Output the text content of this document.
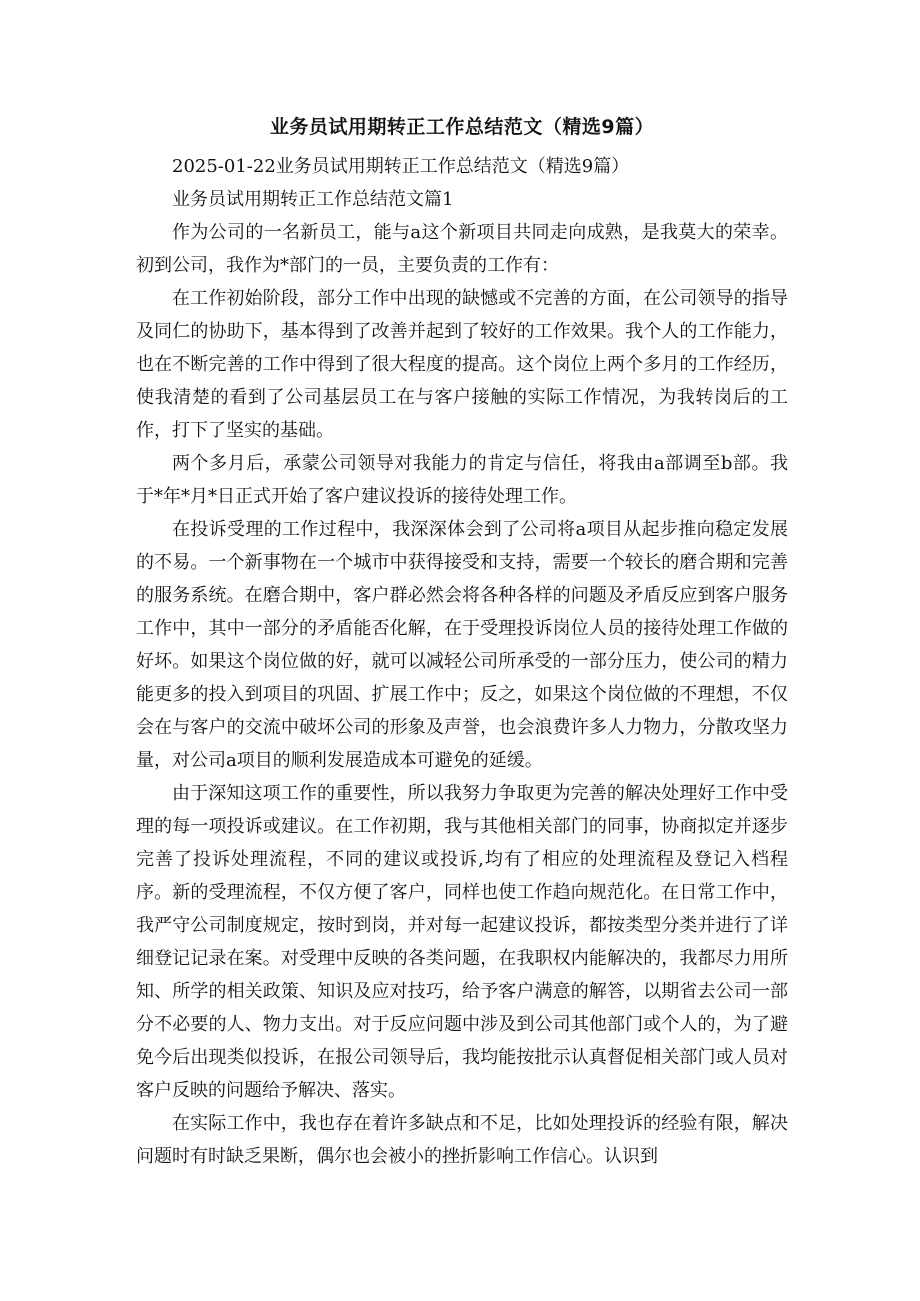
业务员试用期转正工作总结范文（精选9篇）

2025-01-22业务员试用期转正工作总结范文（精选9篇）

业务员试用期转正工作总结范文篇1

作为公司的一名新员工，能与a这个新项目共同走向成熟，是我莫大的荣幸。初到公司，我作为*部门的一员，主要负责的工作有：

在工作初始阶段，部分工作中出现的缺憾或不完善的方面，在公司领导的指导及同仁的协助下，基本得到了改善并起到了较好的工作效果。我个人的工作能力，也在不断完善的工作中得到了很大程度的提高。这个岗位上两个多月的工作经历，使我清楚的看到了公司基层员工在与客户接触的实际工作情况，为我转岗后的工作，打下了坚实的基础。

两个多月后，承蒙公司领导对我能力的肯定与信任，将我由a部调至b部。我于*年*月*日正式开始了客户建议投诉的接待处理工作。

在投诉受理的工作过程中，我深深体会到了公司将a项目从起步推向稳定发展的不易。一个新事物在一个城市中获得接受和支持，需要一个较长的磨合期和完善的服务系统。在磨合期中，客户群必然会将各种各样的问题及矛盾反应到客户服务工作中，其中一部分的矛盾能否化解，在于受理投诉岗位人员的接待处理工作做的好坏。如果这个岗位做的好，就可以减轻公司所承受的一部分压力，使公司的精力能更多的投入到项目的巩固、扩展工作中；反之，如果这个岗位做的不理想，不仅会在与客户的交流中破坏公司的形象及声誉，也会浪费许多人力物力，分散攻坚力量，对公司a项目的顺利发展造成本可避免的延缓。

由于深知这项工作的重要性，所以我努力争取更为完善的解决处理好工作中受理的每一项投诉或建议。在工作初期，我与其他相关部门的同事，协商拟定并逐步完善了投诉处理流程，不同的建议或投诉,均有了相应的处理流程及登记入档程序。新的受理流程，不仅方便了客户，同样也使工作趋向规范化。在日常工作中，我严守公司制度规定，按时到岗，并对每一起建议投诉，都按类型分类并进行了详细登记记录在案。对受理中反映的各类问题，在我职权内能解决的，我都尽力用所知、所学的相关政策、知识及应对技巧，给予客户满意的解答，以期省去公司一部分不必要的人、物力支出。对于反应问题中涉及到公司其他部门或个人的，为了避免今后出现类似投诉，在报公司领导后，我均能按批示认真督促相关部门或人员对客户反映的问题给予解决、落实。

在实际工作中，我也存在着许多缺点和不足，比如处理投诉的经验有限，解决问题时有时缺乏果断，偶尔也会被小的挫折影响工作信心。认识到
